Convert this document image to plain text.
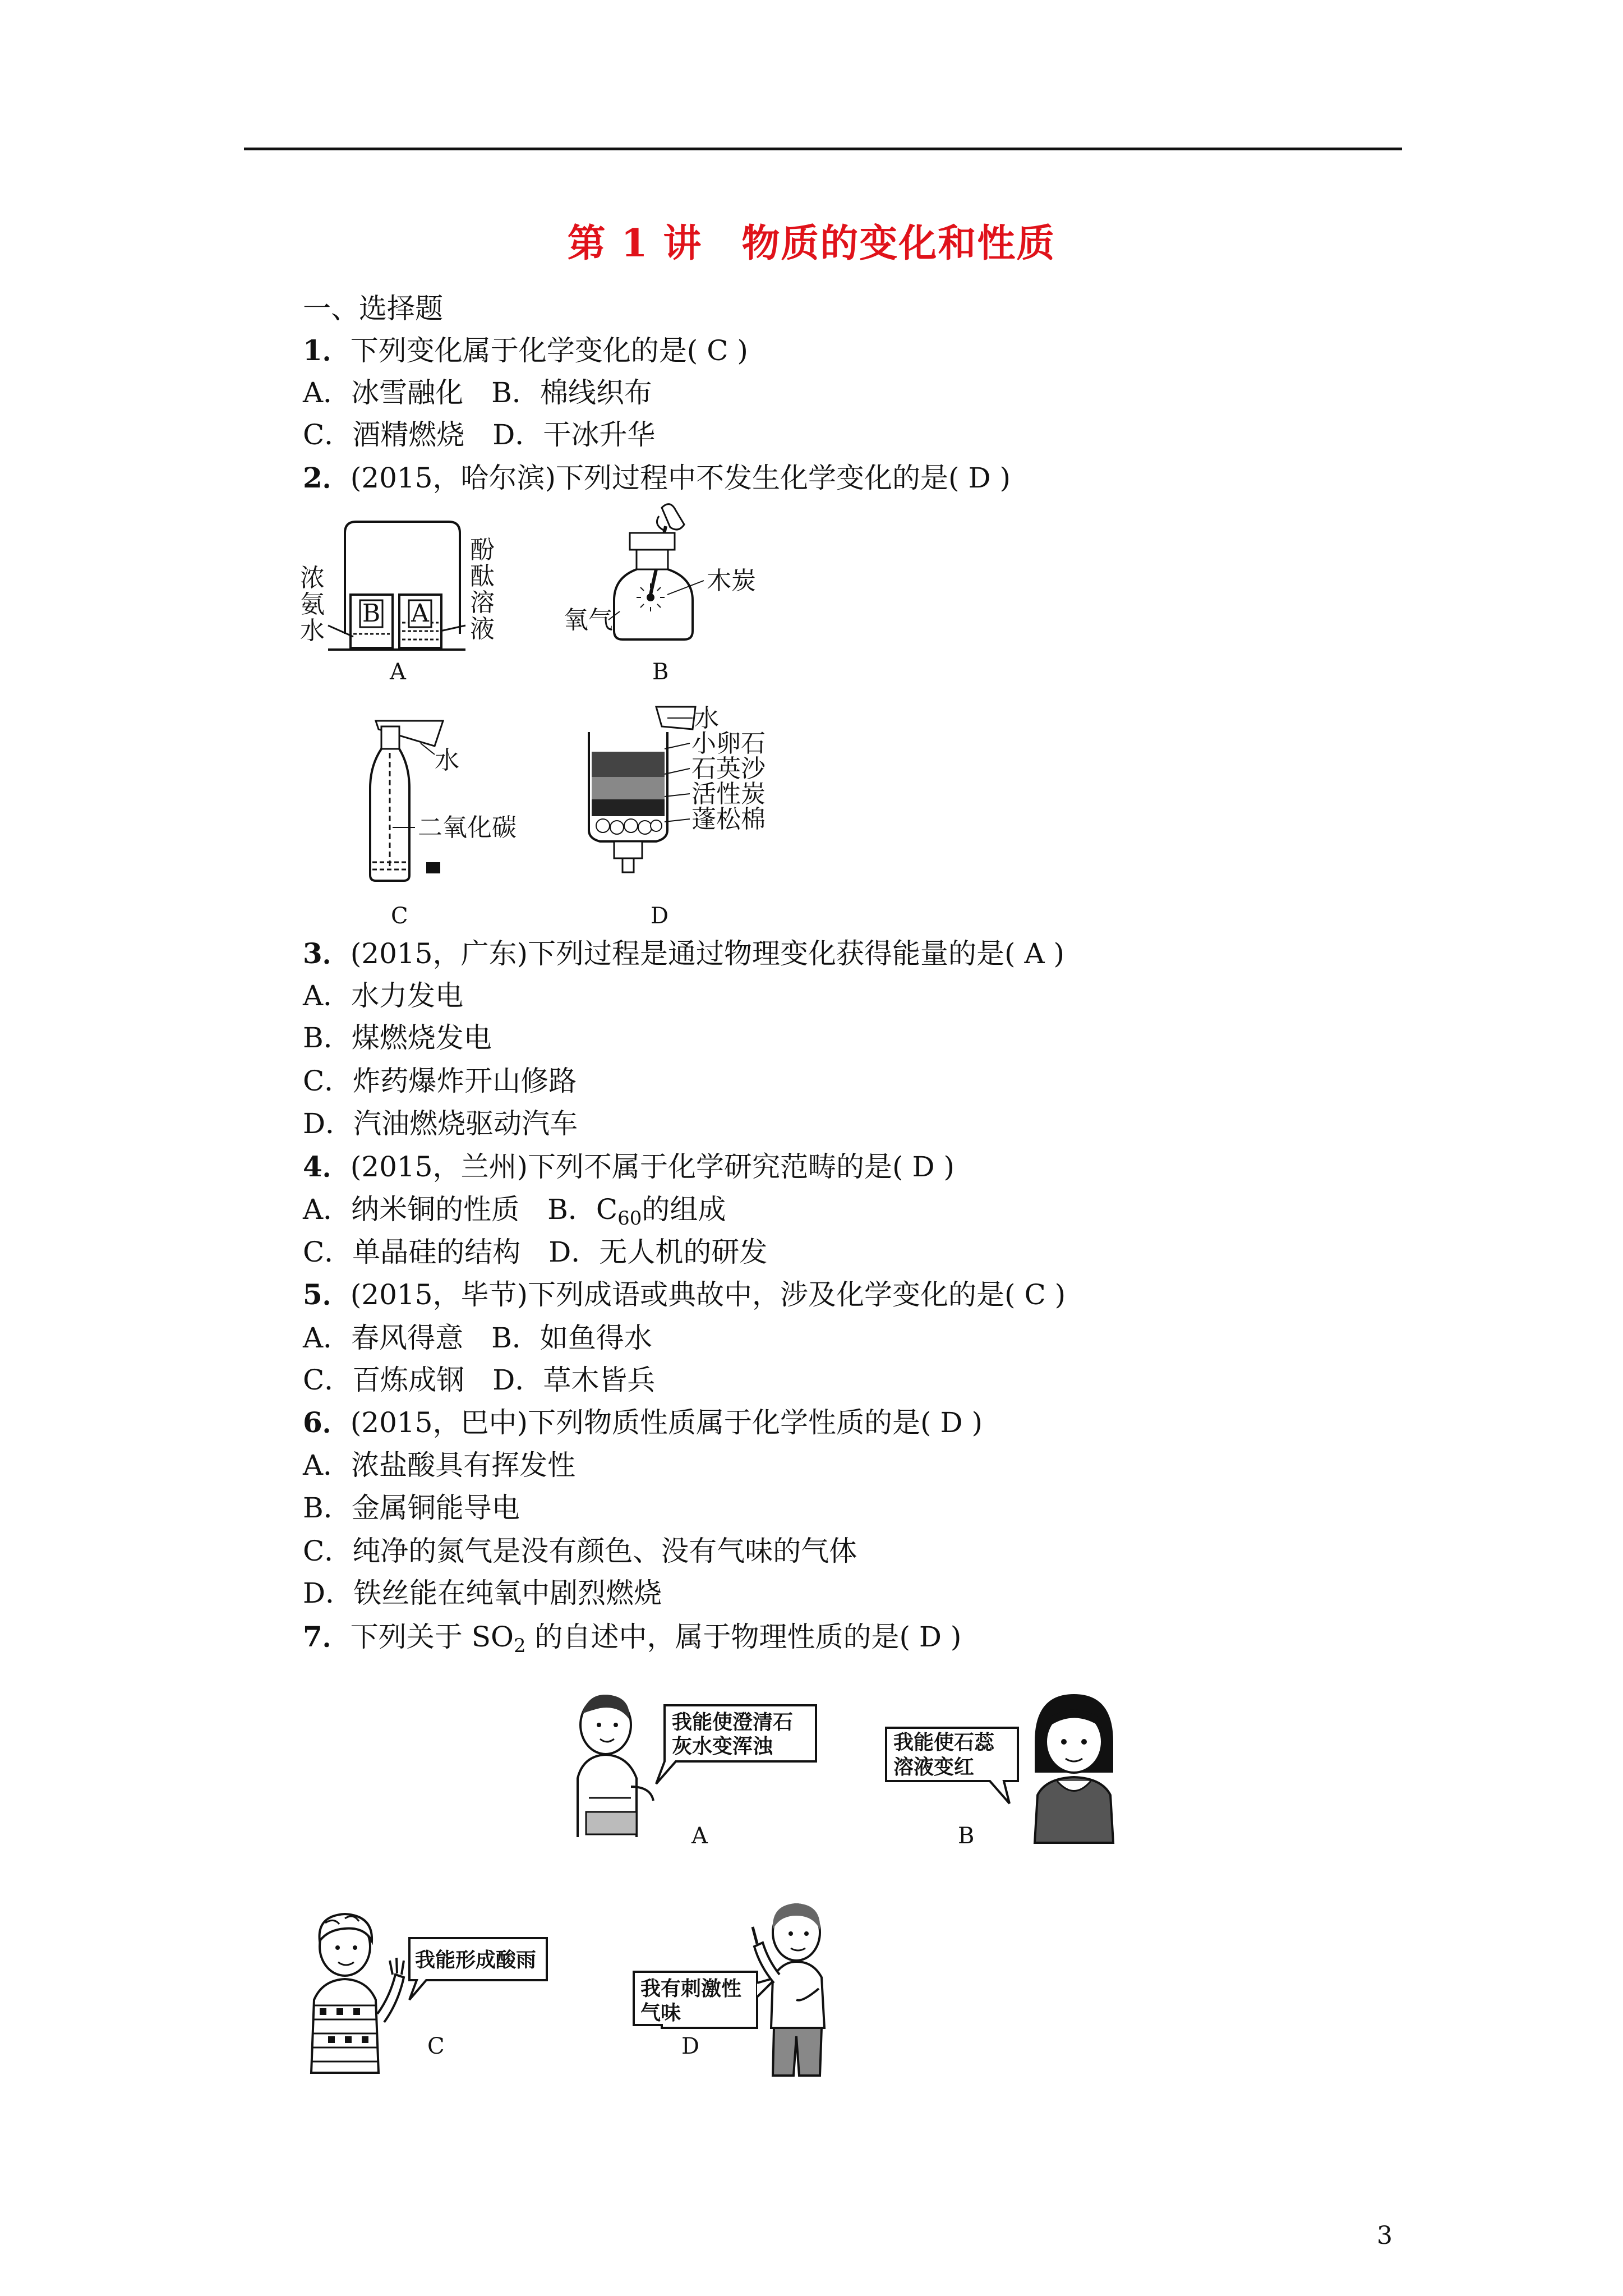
第 1 讲　物质的变化和性质
一、选择题
1．下列变化属于化学变化的是( C )
A．冰雪融化　B．棉线织布
C．酒精燃烧　D．干冰升华
2．(2015，哈尔滨)下列过程中不发生化学变化的是( D )
B A
浓
氨
水
酚
酞
溶
液
A
木炭
氧气
B
水
二氧化碳
C
水
小卵石
石英沙
活性炭
蓬松棉
D
3．(2015，广东)下列过程是通过物理变化获得能量的是( A )
A．水力发电
B．煤燃烧发电
C．炸药爆炸开山修路
D．汽油燃烧驱动汽车
4．(2015，兰州)下列不属于化学研究范畴的是( D )
A．纳米铜的性质　B．$C_{60}$的组成
C．单晶硅的结构　D．无人机的研发
5．(2015，毕节)下列成语或典故中，涉及化学变化的是( C )
A．春风得意　B．如鱼得水
C．百炼成钢　D．草木皆兵
6．(2015，巴中)下列物质性质属于化学性质的是( D )
A．浓盐酸具有挥发性
B．金属铜能导电
C．纯净的氮气是没有颜色、没有气味的气体
D．铁丝能在纯氧中剧烈燃烧
7．下列关于 $SO_2$ 的自述中，属于物理性质的是( D )
我能使澄清石
灰水变浑浊
A
我能使石蕊
溶液变红
B
我能形成酸雨
C
我有刺激性
气味
D
3
